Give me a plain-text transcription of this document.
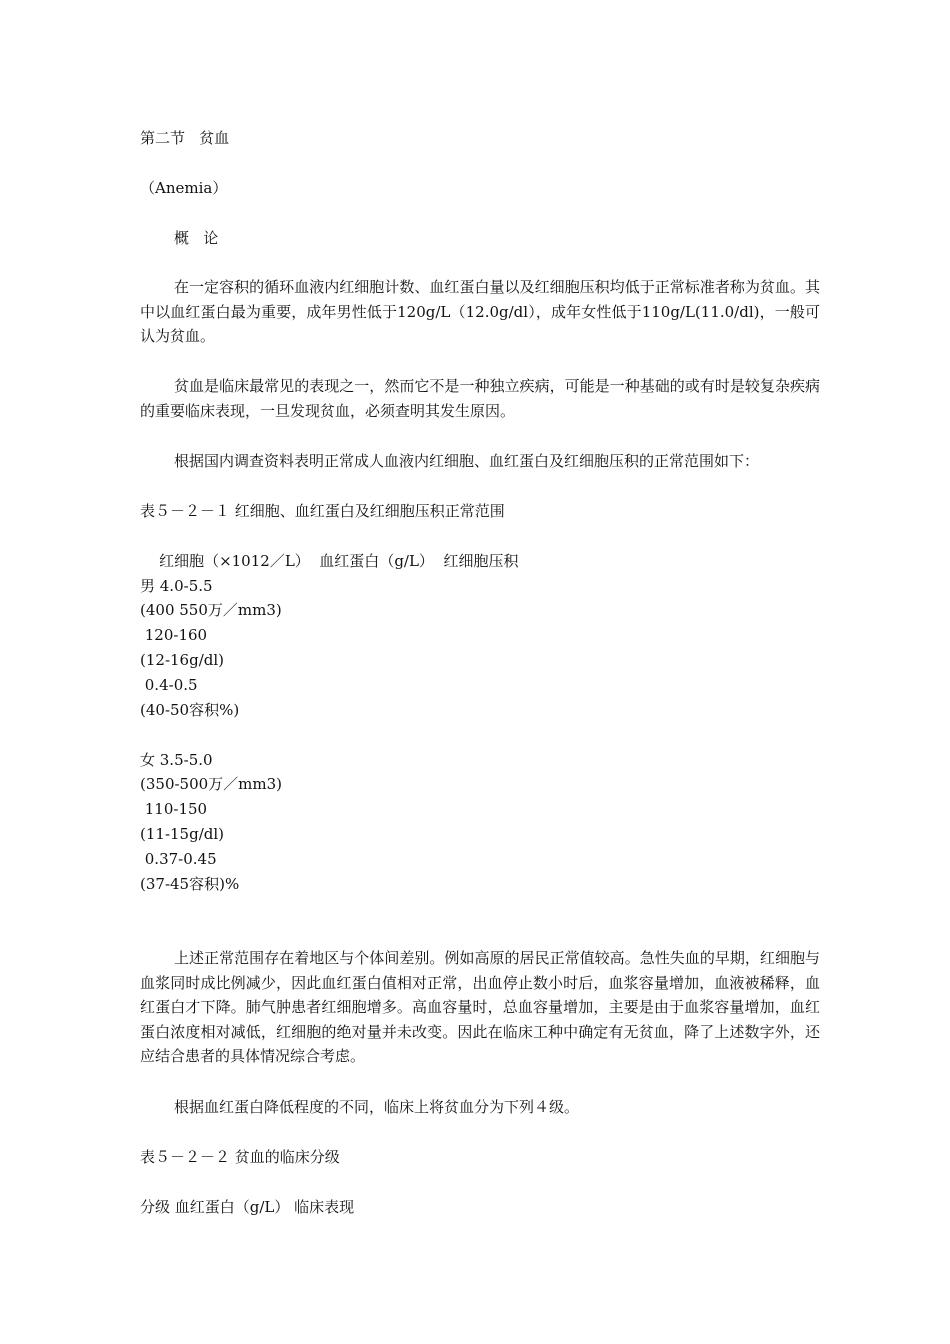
第二节   贫血
（Anemia）
概   论
在一定容积的循环血液内红细胞计数、血红蛋白量以及红细胞压积均低于正常标准者称为贫血。其中以血红蛋白最为重要，成年男性低于120g/L（12.0g/dl），成年女性低于110g/L(11.0/dl)，一般可认为贫血。
贫血是临床最常见的表现之一，然而它不是一种独立疾病，可能是一种基础的或有时是较复杂疾病的重要临床表现，一旦发现贫血，必须查明其发生原因。
根据国内调查资料表明正常成人血液内红细胞、血红蛋白及红细胞压积的正常范围如下：
表５－２－１ 红细胞、血红蛋白及红细胞压积正常范围
红细胞（×1012／L）  血红蛋白（g/L）  红细胞压积
男 4.0-5.5
(400 550万／mm3)
120-160
(12-16g/dl)
0.4-0.5
(40-50容积%)
女 3.5-5.0
(350-500万／mm3)
110-150
(11-15g/dl)
0.37-0.45
(37-45容积)%
上述正常范围存在着地区与个体间差别。例如高原的居民正常值较高。急性失血的早期，红细胞与血浆同时成比例减少，因此血红蛋白值相对正常，出血停止数小时后，血浆容量增加，血液被稀释，血红蛋白才下降。肺气肿患者红细胞增多。高血容量时，总血容量增加，主要是由于血浆容量增加，血红蛋白浓度相对减低，红细胞的绝对量并未改变。因此在临床工种中确定有无贫血，降了上述数字外，还应结合患者的具体情况综合考虑。
根据血红蛋白降低程度的不同，临床上将贫血分为下列４级。
表５－２－２ 贫血的临床分级
分级 血红蛋白（g/L） 临床表现
